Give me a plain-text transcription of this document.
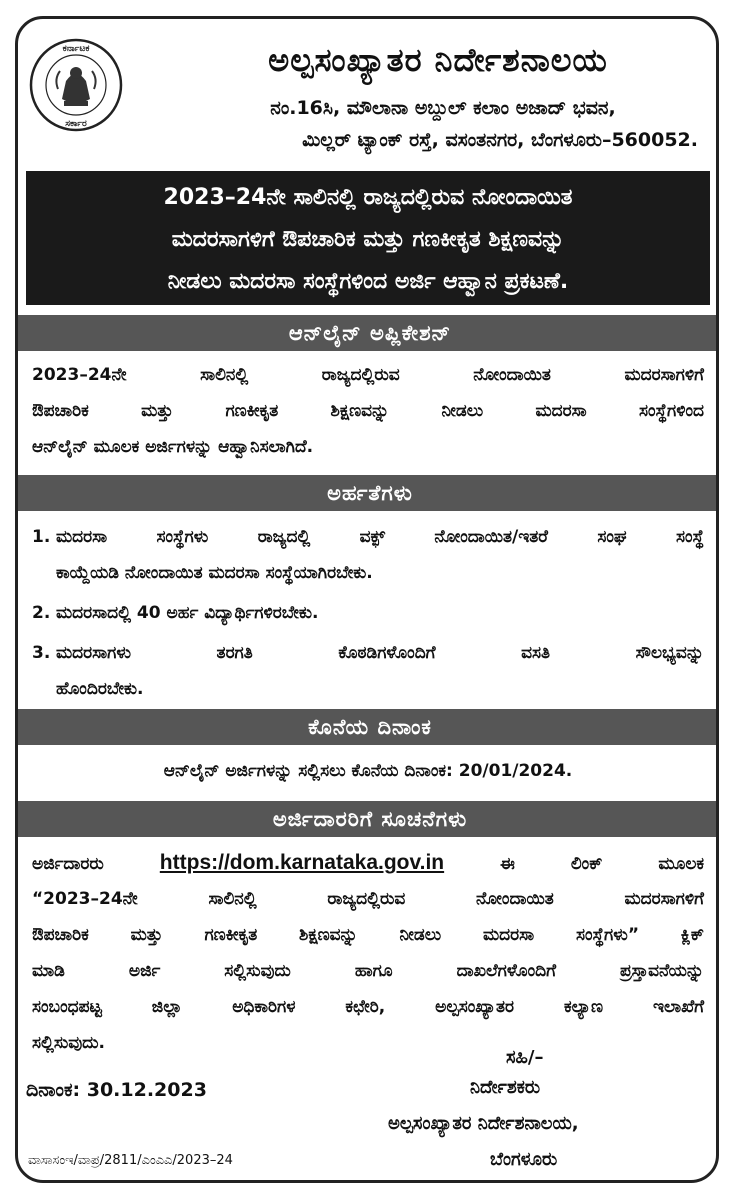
ಕರ್ನಾಟಕ
ಸರ್ಕಾರ
ಅಲ್ಪಸಂಖ್ಯಾತರ ನಿರ್ದೇಶನಾಲಯ
ನಂ.16ಸಿ, ಮೌಲಾನಾ ಅಬ್ದುಲ್ ಕಲಾಂ ಅಜಾದ್ ಭವನ,
ಮಿಲ್ಲರ್ ಟ್ಯಾಂಕ್ ರಸ್ತೆ, ವಸಂತನಗರ, ಬೆಂಗಳೂರು–560052.
2023–24ನೇ ಸಾಲಿನಲ್ಲಿ ರಾಜ್ಯದಲ್ಲಿರುವ ನೋಂದಾಯಿತ
ಮದರಸಾಗಳಿಗೆ ಔಪಚಾರಿಕ ಮತ್ತು ಗಣಕೀಕೃತ ಶಿಕ್ಷಣವನ್ನು
ನೀಡಲು ಮದರಸಾ ಸಂಸ್ಥೆಗಳಿಂದ ಅರ್ಜಿ ಆಹ್ವಾನ ಪ್ರಕಟಣೆ.
ಆನ್‌ಲೈನ್ ಅಪ್ಲಿಕೇಶನ್
2023–24ನೇ ಸಾಲಿನಲ್ಲಿ ರಾಜ್ಯದಲ್ಲಿರುವ ನೋಂದಾಯಿತ ಮದರಸಾಗಳಿಗೆ
ಔಪಚಾರಿಕ ಮತ್ತು ಗಣಕೀಕೃತ ಶಿಕ್ಷಣವನ್ನು ನೀಡಲು ಮದರಸಾ ಸಂಸ್ಥೆಗಳಿಂದ
ಆನ್‌ಲೈನ್ ಮೂಲಕ ಅರ್ಜಿಗಳನ್ನು ಆಹ್ವಾನಿಸಲಾಗಿದೆ.
ಅರ್ಹತೆಗಳು
1. ಮದರಸಾ ಸಂಸ್ಥೆಗಳು ರಾಜ್ಯದಲ್ಲಿ ವಕ್ಫ್ ನೋಂದಾಯಿತ/ಇತರೆ ಸಂಘ ಸಂಸ್ಥೆ
ಕಾಯ್ದೆಯಡಿ ನೋಂದಾಯಿತ ಮದರಸಾ ಸಂಸ್ಥೆಯಾಗಿರಬೇಕು.
2. ಮದರಸಾದಲ್ಲಿ 40 ಅರ್ಹ ವಿದ್ಯಾರ್ಥಿಗಳಿರಬೇಕು.
3. ಮದರಸಾಗಳು ತರಗತಿ ಕೊಠಡಿಗಳೊಂದಿಗೆ ವಸತಿ ಸೌಲಭ್ಯವನ್ನು
ಹೊಂದಿರಬೇಕು.
ಕೊನೆಯ ದಿನಾಂಕ
ಆನ್‌ಲೈನ್ ಅರ್ಜಿಗಳನ್ನು ಸಲ್ಲಿಸಲು ಕೊನೆಯ ದಿನಾಂಕ: 20/01/2024.
ಅರ್ಜಿದಾರರಿಗೆ ಸೂಚನೆಗಳು
ಅರ್ಜಿದಾರರು	https://dom.karnataka.gov.in	ಈ ಲಿಂಕ್ ಮೂಲಕ
“2023–24ನೇ ಸಾಲಿನಲ್ಲಿ ರಾಜ್ಯದಲ್ಲಿರುವ ನೋಂದಾಯಿತ ಮದರಸಾಗಳಿಗೆ
ಔಪಚಾರಿಕ ಮತ್ತು ಗಣಕೀಕೃತ ಶಿಕ್ಷಣವನ್ನು ನೀಡಲು ಮದರಸಾ ಸಂಸ್ಥೆಗಳು” ಕ್ಲಿಕ್
ಮಾಡಿ ಅರ್ಜಿ ಸಲ್ಲಿಸುವುದು ಹಾಗೂ ದಾಖಲೆಗಳೊಂದಿಗೆ ಪ್ರಸ್ತಾವನೆಯನ್ನು
ಸಂಬಂಧಪಟ್ಟ ಜಿಲ್ಲಾ ಅಧಿಕಾರಿಗಳ ಕಛೇರಿ, ಅಲ್ಪಸಂಖ್ಯಾತರ ಕಲ್ಯಾಣ ಇಲಾಖೆಗೆ
ಸಲ್ಲಿಸುವುದು.
ಸಹಿ/–
ದಿನಾಂಕ: 30.12.2023	ನಿರ್ದೇಶಕರು
ಅಲ್ಪಸಂಖ್ಯಾತರ ನಿರ್ದೇಶನಾಲಯ,
ವಾಸಾಸಂಇ/ವಾಪ್ರ/2811/ಎಂಎಎ/2023–24	ಬೆಂಗಳೂರು
